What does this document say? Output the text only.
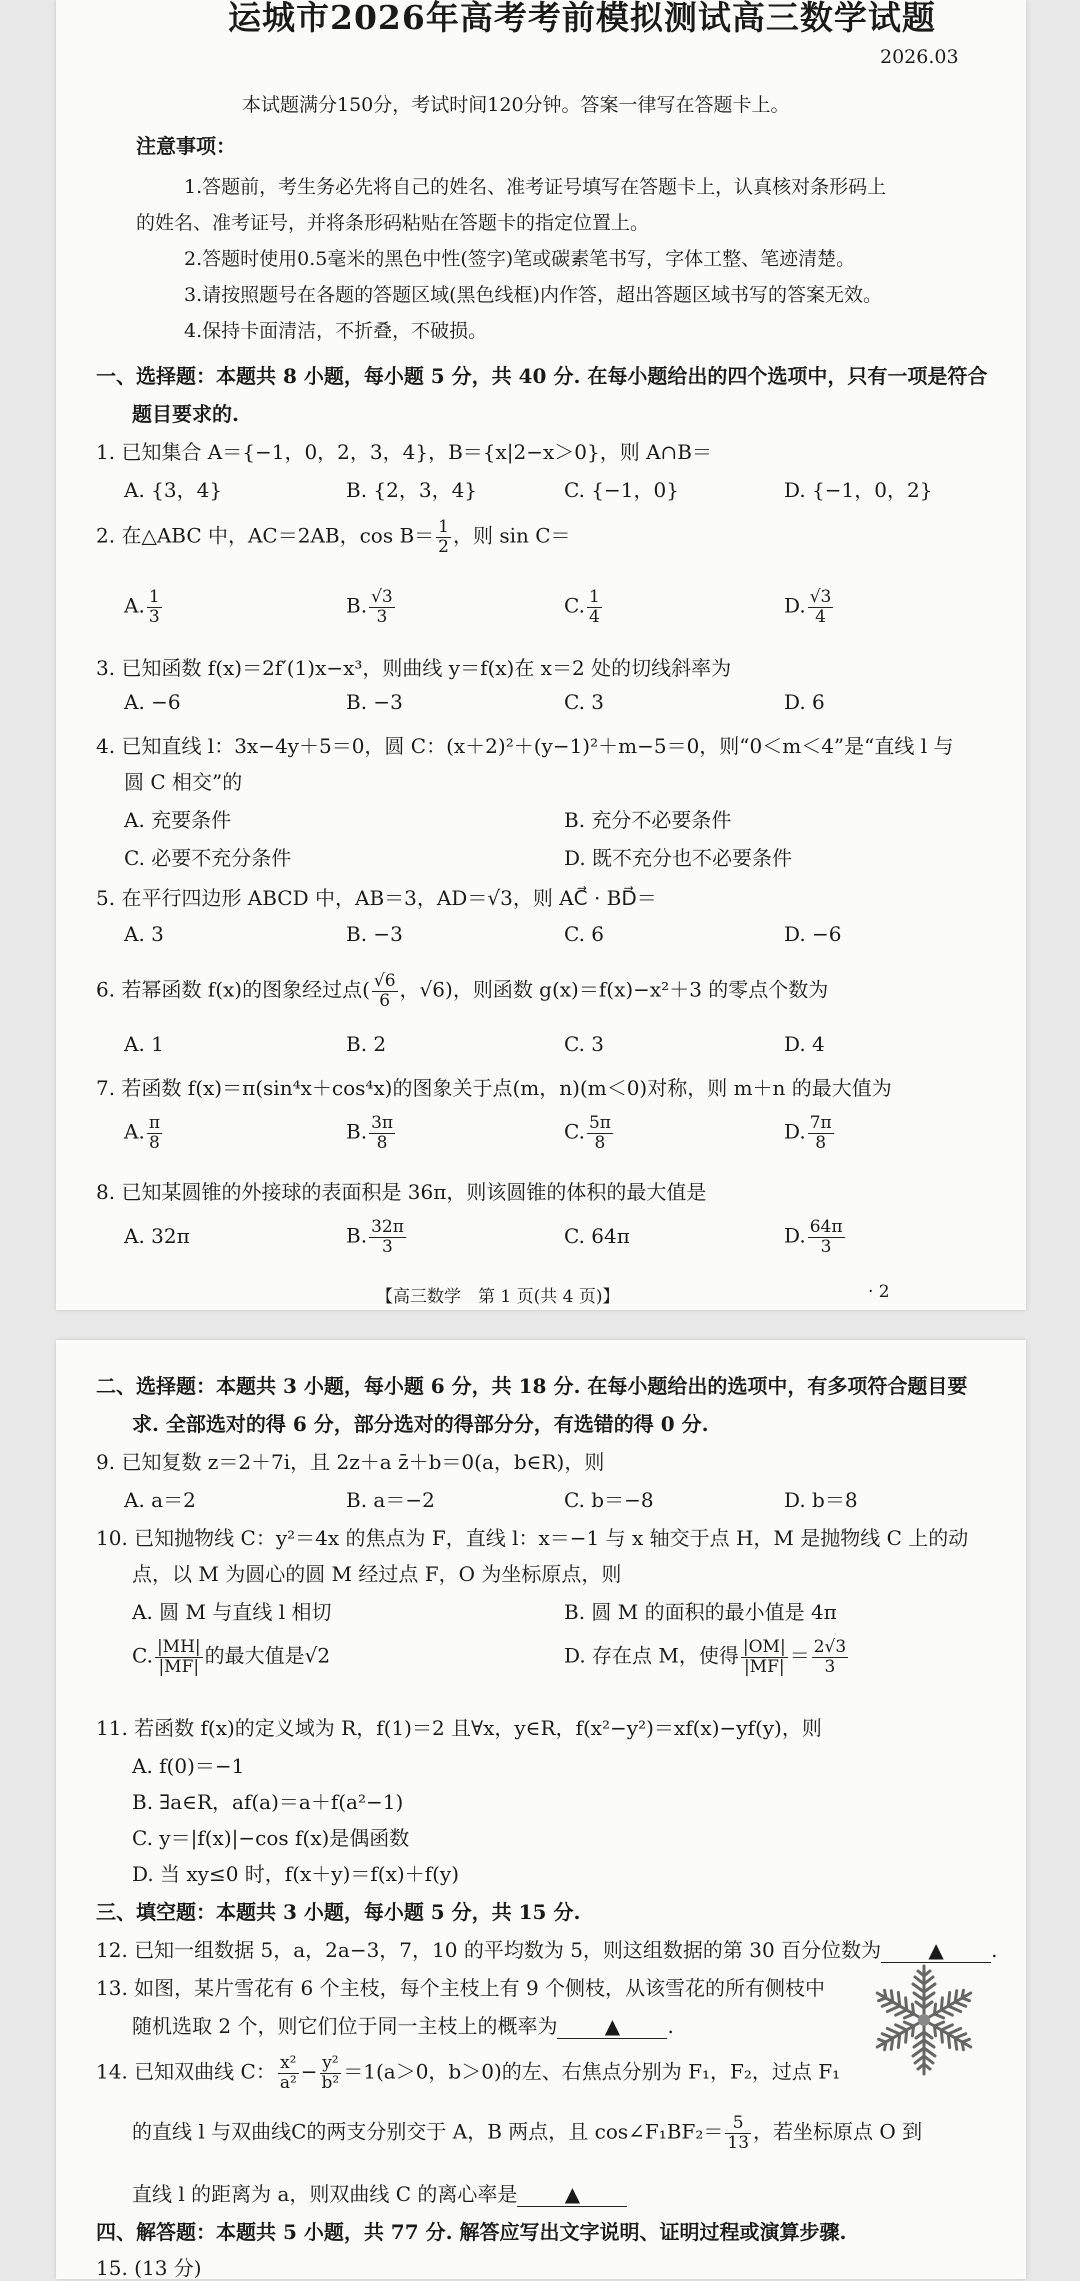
运城市2026年高考考前模拟测试高三数学试题
2026.03
本试题满分150分，考试时间120分钟。答案一律写在答题卡上。
注意事项：
1.答题前，考生务必先将自己的姓名、准考证号填写在答题卡上，认真核对条形码上
的姓名、准考证号，并将条形码粘贴在答题卡的指定位置上。
2.答题时使用0.5毫米的黑色中性(签字)笔或碳素笔书写，字体工整、笔迹清楚。
3.请按照题号在各题的答题区域(黑色线框)内作答，超出答题区域书写的答案无效。
4.保持卡面清洁，不折叠，不破损。
一、选择题：本题共 8 小题，每小题 5 分，共 40 分. 在每小题给出的四个选项中，只有一项是符合
题目要求的.
1. 已知集合 A＝{−1，0，2，3，4}，B＝{x|2−x＞0}，则 A∩B＝
A. {3，4}	B. {2，3，4}	C. {−1，0}	D. {−1，0，2}
2. 在△ABC 中，AC＝2AB，$\cos B= \frac{1}{2}$ ，则 sin C＝
A. $\frac{1}{3}$	B. $\frac{√3}{3}$	C. $\frac{1}{4}$	D. $\frac{√3}{4}$
3. 已知函数 f(x)＝2f′(1)x−x³，则曲线 y＝f(x)在 x＝2 处的切线斜率为
A. −6	B. −3	C. 3	D. 6
4. 已知直线 l：3x−4y＋5＝0，圆 C：(x＋2)²＋(y−1)²＋m−5＝0，则“0＜m＜4”是“直线 l 与
圆 C 相交”的
A. 充要条件	B. 充分不必要条件
C. 必要不充分条件	D. 既不充分也不必要条件
5. 在平行四边形 ABCD 中，AB＝3，AD＝√3，则 AC⃗ · BD⃗＝
A. 3	B. −3	C. 6	D. −6
6. 若幂函数 f(x)的图象经过点( $\frac{√6}{6}$ ，√6)，则函数 g(x)＝f(x)−x²＋3 的零点个数为
A. 1	B. 2	C. 3	D. 4
7. 若函数 f(x)＝π(sin⁴x＋cos⁴x)的图象关于点(m，n)(m＜0)对称，则 m＋n 的最大值为
A. $\frac{\pi}{8}$	B. $\frac{3\pi}{8}$	C. $\frac{5\pi}{8}$	D. $\frac{7\pi}{8}$
8. 已知某圆锥的外接球的表面积是 36π，则该圆锥的体积的最大值是
A. 32π	B. $\frac{32\pi}{3}$	C. 64π	D. $\frac{64\pi}{3}$
【高三数学　第 1 页(共 4 页)】	· 2
二、选择题：本题共 3 小题，每小题 6 分，共 18 分. 在每小题给出的选项中，有多项符合题目要
求. 全部选对的得 6 分，部分选对的得部分分，有选错的得 0 分.
9. 已知复数 z＝2＋7i，且 2z＋a z̄＋b＝0(a，b∈R)，则
A. a＝2	B. a＝−2	C. b＝−8	D. b＝8
10. 已知抛物线 C：y²＝4x 的焦点为 F，直线 l：x＝−1 与 x 轴交于点 H，M 是抛物线 C 上的动
点，以 M 为圆心的圆 M 经过点 F，O 为坐标原点，则
A. 圆 M 与直线 l 相切	B. 圆 M 的面积的最小值是 4π
C. $\frac{|MH|}{|MF|}$ 的最大值是√2	D. 存在点 M，使得 $\frac{|OM|}{|MF|} = \frac{2√3}{3}$
11. 若函数 f(x)的定义域为 R，f(1)＝2 且∀x，y∈R，f(x²−y²)＝xf(x)−yf(y)，则
A. f(0)＝−1
B. ∃a∈R，af(a)＝a＋f(a²−1)
C. y＝|f(x)|−cos f(x)是偶函数
D. 当 xy≤0 时，f(x＋y)＝f(x)＋f(y)
三、填空题：本题共 3 小题，每小题 5 分，共 15 分.
12. 已知一组数据 5，a，2a−3，7，10 的平均数为 5，则这组数据的第 30 百分位数为 ▲ .
13. 如图，某片雪花有 6 个主枝，每个主枝上有 9 个侧枝，从该雪花的所有侧枝中
随机选取 2 个，则它们位于同一主枝上的概率为 ▲ .
14. 已知双曲线 C： $\frac{\text{x²}}{\text{a²}} - \frac{\text{y²}}{\text{b²}} =1(a>0$，b＞0)的左、右焦点分别为 F₁，F₂，过点 F₁
的直线 l 与双曲线C的两支分别交于 A，B 两点，且 cos∠F₁BF₂＝ $\frac{5}{13}$ ，若坐标原点 O 到
直线 l 的距离为 a，则双曲线 C 的离心率是 ▲
四、解答题：本题共 5 小题，共 77 分. 解答应写出文字说明、证明过程或演算步骤.
15. (13 分)
